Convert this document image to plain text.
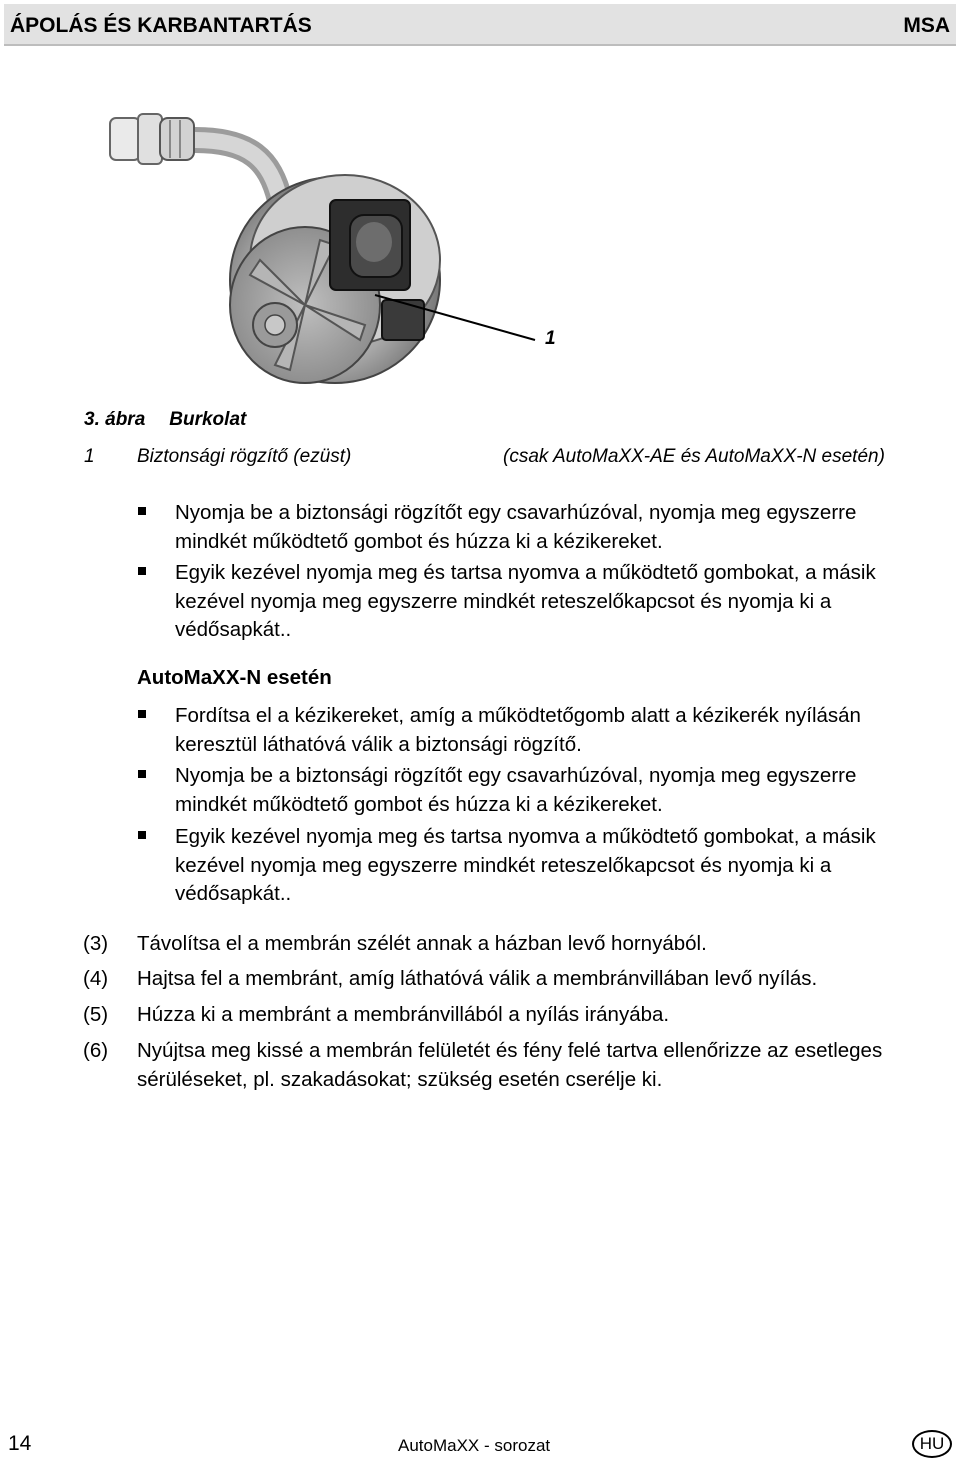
ÁPOLÁS ÉS KARBANTARTÁS	MSA
1
3. ábra Burkolat
1 Biztonsági rögzítő (ezüst)	(csak AutoMaXX-AE és AutoMaXX-N esetén)
Nyomja be a biztonsági rögzítőt egy csavarhúzóval, nyomja meg egyszerre mindkét működtető gombot és húzza ki a kézikereket.
Egyik kezével nyomja meg és tartsa nyomva a működtető gombokat, a másik kezével nyomja meg egyszerre mindkét reteszelőkapcsot és nyomja ki a védősapkát..
AutoMaXX-N esetén
Fordítsa el a kézikereket, amíg a működtetőgomb alatt a kézikerék nyílásán keresztül láthatóvá válik a biztonsági rögzítő.
Nyomja be a biztonsági rögzítőt egy csavarhúzóval, nyomja meg egyszerre mindkét működtető gombot és húzza ki a kézikereket.
Egyik kezével nyomja meg és tartsa nyomva a működtető gombokat, a másik kezével nyomja meg egyszerre mindkét reteszelőkapcsot és nyomja ki a védősapkát..
(3) Távolítsa el a membrán szélét annak a házban levő hornyából.
(4) Hajtsa fel a membránt, amíg láthatóvá válik a membránvillában levő nyílás.
(5) Húzza ki a membránt a membránvillából a nyílás irányába.
(6) Nyújtsa meg kissé a membrán felületét és fény felé tartva ellenőrizze az esetleges sérüléseket, pl. szakadásokat; szükség esetén cserélje ki.
14	AutoMaXX - sorozat	HU
